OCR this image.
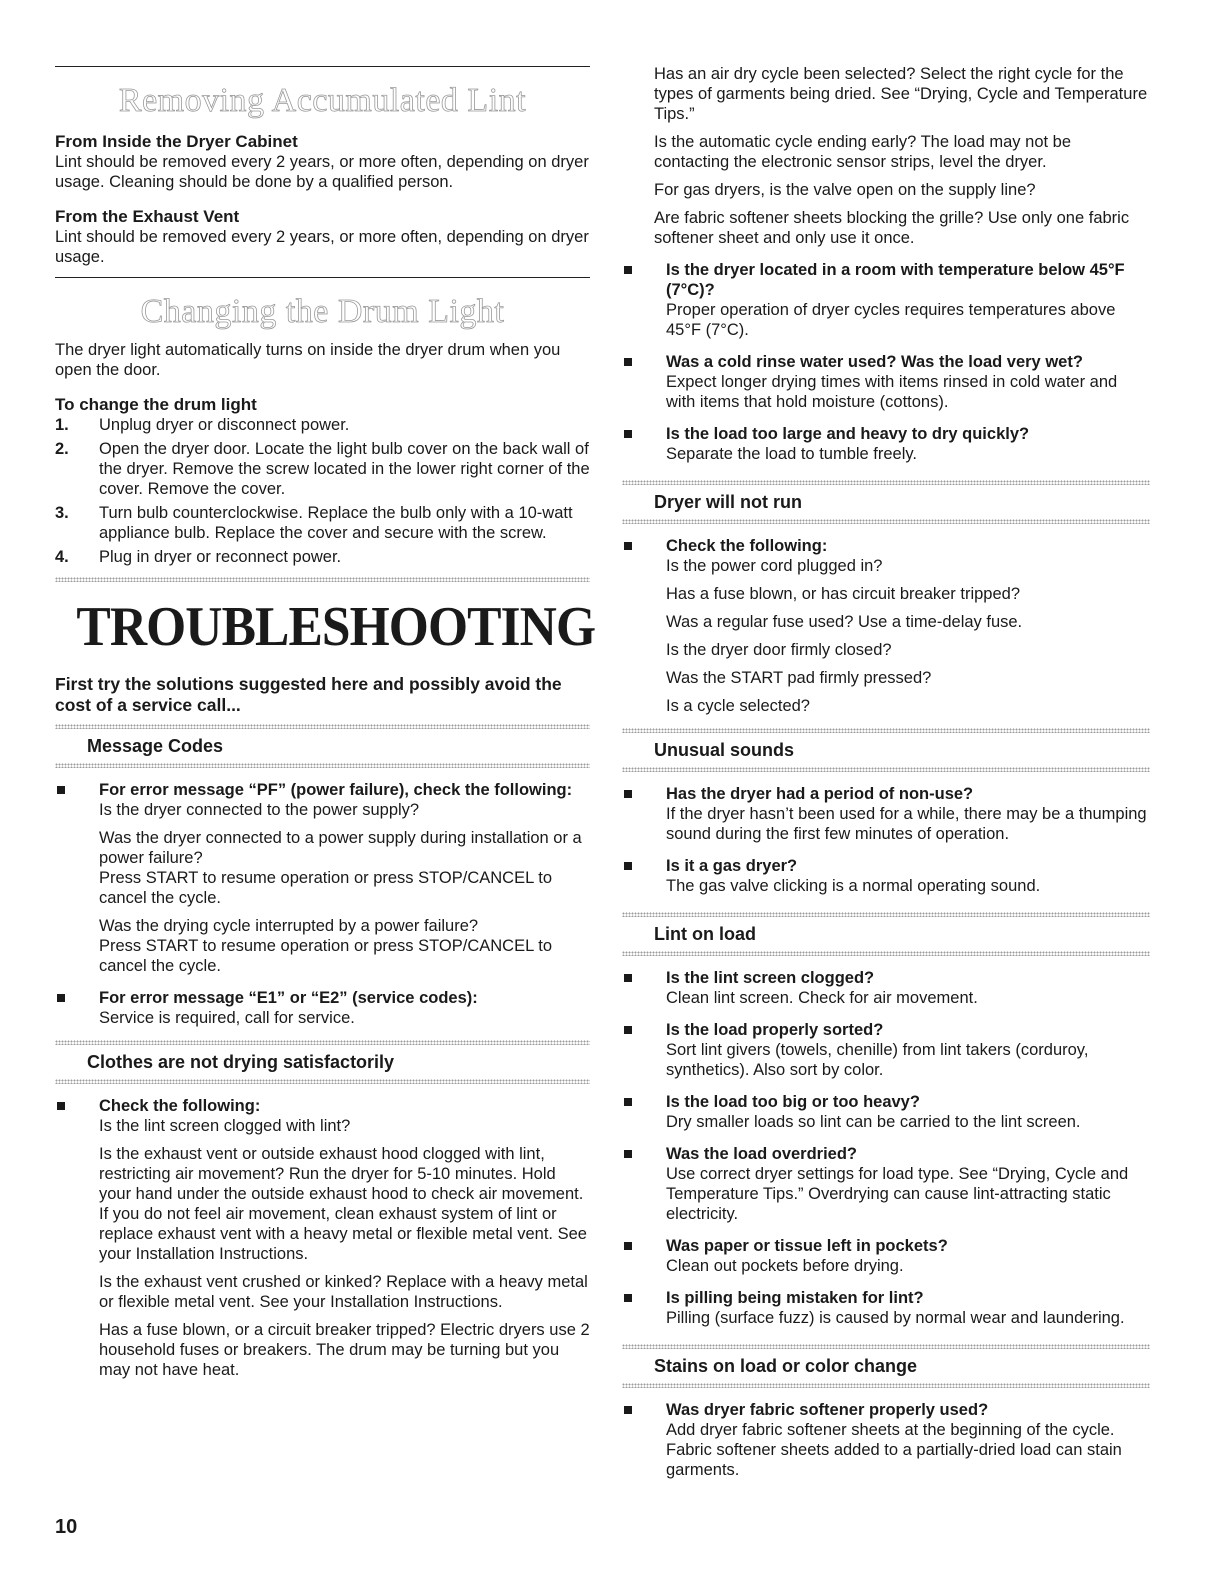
Removing Accumulated Lint

From Inside the Dryer Cabinet

Lint should be removed every 2 years, or more often, depending on dryer usage. Cleaning should be done by a qualified person.

From the Exhaust Vent

Lint should be removed every 2 years, or more often, depending on dryer usage.

Changing the Drum Light

The dryer light automatically turns on inside the dryer drum when you open the door.

To change the drum light

1.	Unplug dryer or disconnect power.
2.	Open the dryer door. Locate the light bulb cover on the back wall of the dryer. Remove the screw located in the lower right corner of the cover. Remove the cover.
3.	Turn bulb counterclockwise. Replace the bulb only with a 10-watt appliance bulb. Replace the cover and secure with the screw.
4.	Plug in dryer or reconnect power.
TROUBLESHOOTING

First try the solutions suggested here and possibly avoid the cost of a service call...

Message Codes

For error message “PF” (power failure), check the following:

Is the dryer connected to the power supply?

Was the dryer connected to a power supply during installation or a power failure?

Press START to resume operation or press STOP/CANCEL to cancel the cycle.

Was the drying cycle interrupted by a power failure?

Press START to resume operation or press STOP/CANCEL to cancel the cycle.

For error message “E1” or “E2” (service codes):

Service is required, call for service.

Clothes are not drying satisfactorily

Check the following:

Is the lint screen clogged with lint?

Is the exhaust vent or outside exhaust hood clogged with lint, restricting air movement? Run the dryer for 5-10 minutes. Hold your hand under the outside exhaust hood to check air movement. If you do not feel air movement, clean exhaust system of lint or replace exhaust vent with a heavy metal or flexible metal vent. See your Installation Instructions.

Is the exhaust vent crushed or kinked? Replace with a heavy metal or flexible metal vent. See your Installation Instructions.

Has a fuse blown, or a circuit breaker tripped? Electric dryers use 2 household fuses or breakers. The drum may be turning but you may not have heat.

10

Has an air dry cycle been selected? Select the right cycle for the types of garments being dried. See “Drying, Cycle and Temperature Tips.”

Is the automatic cycle ending early? The load may not be contacting the electronic sensor strips, level the dryer.

For gas dryers, is the valve open on the supply line?

Are fabric softener sheets blocking the grille? Use only one fabric softener sheet and only use it once.

Is the dryer located in a room with temperature below 45°F (7°C)?

Proper operation of dryer cycles requires temperatures above 45°F (7°C).

Was a cold rinse water used? Was the load very wet?

Expect longer drying times with items rinsed in cold water and with items that hold moisture (cottons).

Is the load too large and heavy to dry quickly?

Separate the load to tumble freely.

Dryer will not run

Check the following:

Is the power cord plugged in?

Has a fuse blown, or has circuit breaker tripped?

Was a regular fuse used? Use a time-delay fuse.

Is the dryer door firmly closed?

Was the START pad firmly pressed?

Is a cycle selected?

Unusual sounds

Has the dryer had a period of non-use?

If the dryer hasn’t been used for a while, there may be a thumping sound during the first few minutes of operation.

Is it a gas dryer?

The gas valve clicking is a normal operating sound.

Lint on load

Is the lint screen clogged?

Clean lint screen. Check for air movement.

Is the load properly sorted?

Sort lint givers (towels, chenille) from lint takers (corduroy, synthetics). Also sort by color.

Is the load too big or too heavy?

Dry smaller loads so lint can be carried to the lint screen.

Was the load overdried?

Use correct dryer settings for load type. See “Drying, Cycle and Temperature Tips.” Overdrying can cause lint-attracting static electricity.

Was paper or tissue left in pockets?

Clean out pockets before drying.

Is pilling being mistaken for lint?

Pilling (surface fuzz) is caused by normal wear and laundering.

Stains on load or color change

Was dryer fabric softener properly used?

Add dryer fabric softener sheets at the beginning of the cycle. Fabric softener sheets added to a partially-dried load can stain garments.
